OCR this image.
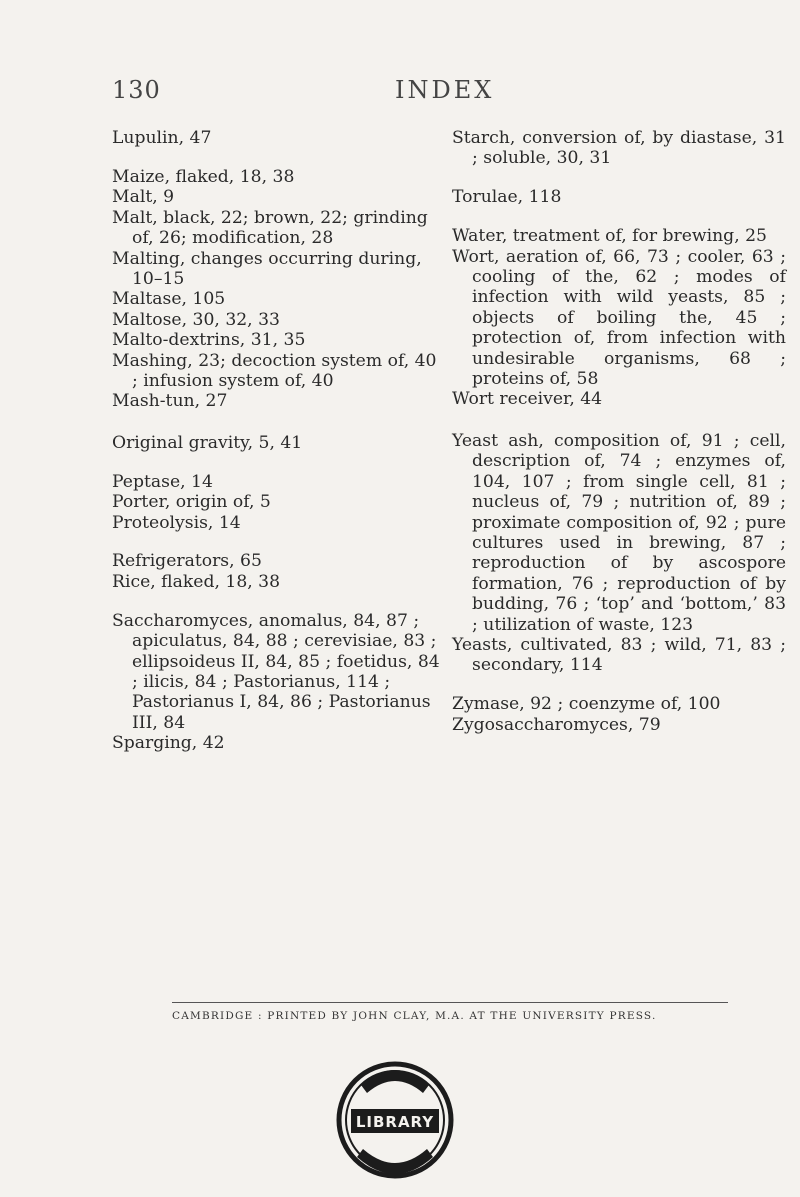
130	INDEX

Lupulin, 47

Maize, flaked, 18, 38

Malt, 9

Malt, black, 22; brown, 22; grinding of, 26; modification, 28

Malting, changes occurring during, 10–15

Maltase, 105

Maltose, 30, 32, 33

Malto-dextrins, 31, 35

Mashing, 23; decoction system of, 40 ; infusion system of, 40

Mash-tun, 27

Original gravity, 5, 41

Peptase, 14

Porter, origin of, 5

Proteolysis, 14

Refrigerators, 65

Rice, flaked, 18, 38

Saccharomyces, anomalus, 84, 87 ; apiculatus, 84, 88 ; cerevisiae, 83 ; ellipsoideus II, 84, 85 ; foetidus, 84 ; ilicis, 84 ; Pastorianus, 114 ; Pastorianus I, 84, 86 ; Pastorianus III, 84

Sparging, 42

Starch, conversion of, by diastase, 31 ; soluble, 30, 31

Torulae, 118

Water, treatment of, for brewing, 25

Wort, aeration of, 66, 73 ; cooler, 63 ; cooling of the, 62 ; modes of infection with wild yeasts, 85 ; objects of boiling the, 45 ; protection of, from infection with undesirable organisms, 68 ; proteins of, 58

Wort receiver, 44

Yeast ash, composition of, 91 ; cell, description of, 74 ; enzymes of, 104, 107 ; from single cell, 81 ; nucleus of, 79 ; nutrition of, 89 ; proximate composition of, 92 ; pure cultures used in brewing, 87 ; reproduction of by ascospore formation, 76 ; reproduction of by budding, 76 ; ‘top’ and ‘bottom,’ 83 ; utilization of waste, 123

Yeasts, cultivated, 83 ; wild, 71, 83 ; secondary, 114

Zymase, 92 ; coenzyme of, 100

Zygosaccharomyces, 79

CAMBRIDGE : PRINTED BY JOHN CLAY, M.A. AT THE UNIVERSITY PRESS.
LIBRARY
